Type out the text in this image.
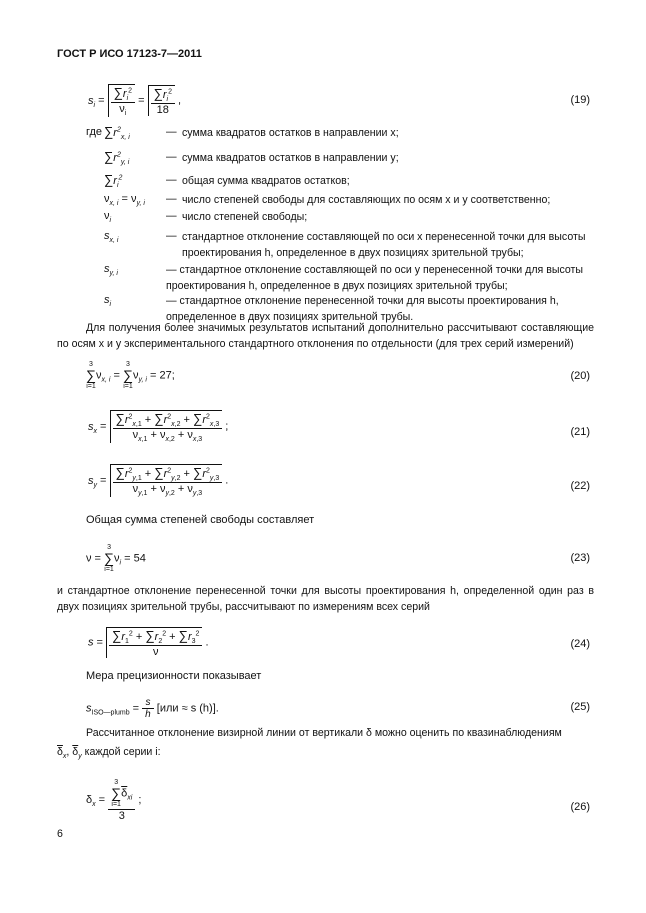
ГОСТ Р ИСО 17123-7—2011
$s_i = \frac{\sum r_i^2}{\nu_i} = \frac{\sum r_i^2}{18}$ ,	(19)
где $\sum r^2_{x, i}$	— сумма квадратов остатков в направлении x;
$\sum r^2_{y, i}$	— сумма квадратов остатков в направлении y;
$\sum r_i^2$	— общая сумма квадратов остатков;
$\nu_{x, i} = \nu_{y, i}$ — число степеней свободы для составляющих по осям x и y соответственно;
$\nu_i$	— число степеней свободы;
$s_{x, i}$	— стандартное отклонение составляющей по оси x перенесенной точки для высоты проектирования h, определенное в двух позициях зрительной трубы;
$s_{y, i}$	— стандартное отклонение составляющей по оси y перенесенной точки для высоты проектирования h, определенное в двух позициях зрительной трубы;
$s_i$	— стандартное отклонение перенесенной точки для высоты проектирования h, определенное в двух позициях зрительной трубы.
Для получения более значимых результатов испытаний дополнительно рассчитывают составляющие по осям x и y экспериментального стандартного отклонения по отдельности (для трех серий измерений)
3
∑
i=1
$\nu_{x, i}$ =
3
∑
i=1
$\nu_{y, i} = 27$;	(20)
$s_x = \frac{\sum r^2_{x,1} + \sum r^2_{x,2} + \sum r^2_{x,3}}{\nu_{x,1} + \nu_{x,2} + \nu_{x,3}}$ ;	(21)
$s_y = \frac{\sum r^2_{y,1} + \sum r^2_{y,2} + \sum r^2_{y,3}}{\nu_{y,1} + \nu_{y,2} + \nu_{y,3}}$ .	(22)
Общая сумма степеней свободы составляет
ν =
3
∑
i=1
$\nu_i = 54$	(23)
и стандартное отклонение перенесенной точки для высоты проектирования h, определенной один раз в двух позициях зрительной трубы, рассчитывают по измерениям всех серий
$s = \frac{\sum r_1^2 + \sum r_2^2 + \sum r_3^2}{\nu}$ .	(24)
Мера прецизионности показывает
$s_{ISO—plumb} = \frac{s}{h} [или \approx s$ (h)].	(25)
Рассчитанное отклонение визирной линии от вертикали δ можно оценить по квазинаблюдениям
$\overline{\delta}_x$, $\overline{\delta}_y$ каждой серии i:
$\delta_x = 3$
∑
i=1
$\overline{\delta}_{xi}$
3 ;
(26)
6
